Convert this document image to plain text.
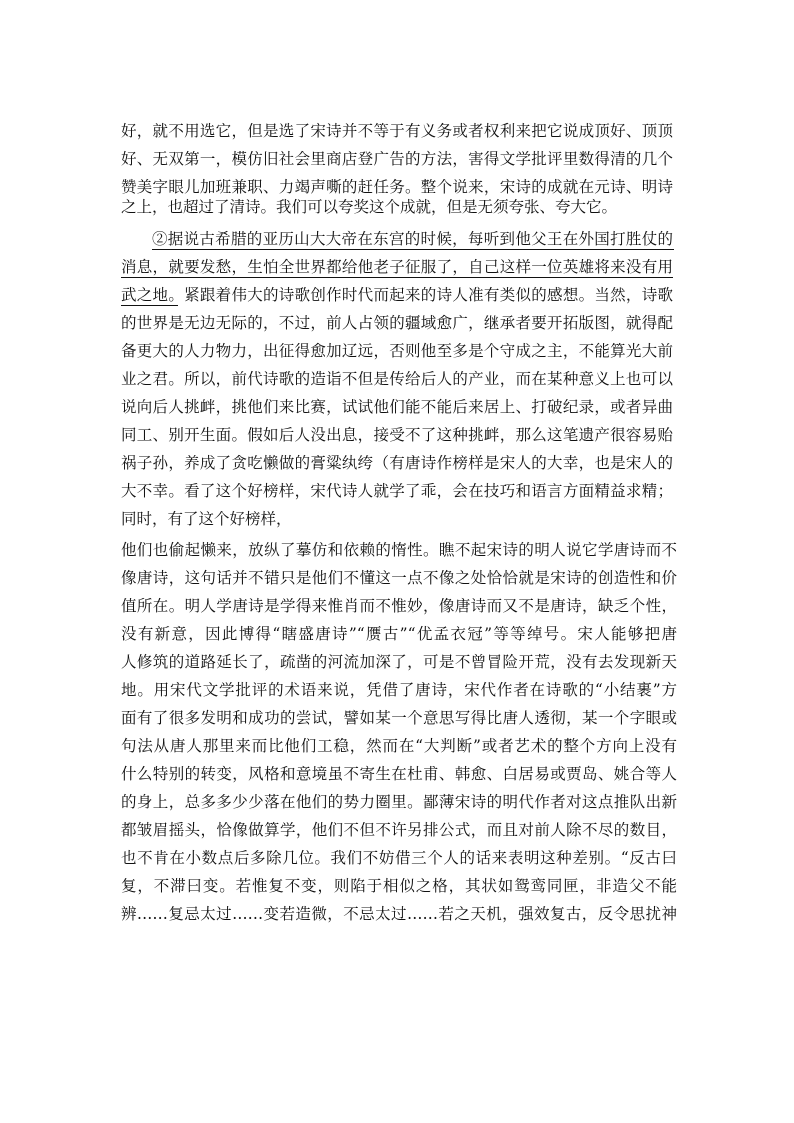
好，就不用选它，但是选了宋诗并不等于有义务或者权利来把它说成顶好、顶顶
好、无双第一，模仿旧社会里商店登广告的方法，害得文学批评里数得清的几个
赞美字眼儿加班兼职、力竭声嘶的赶任务。整个说来，宋诗的成就在元诗、明诗
之上，也超过了清诗。我们可以夸奖这个成就，但是无须夸张、夸大它。
②据说古希腊的亚历山大大帝在东宫的时候，每听到他父王在外国打胜仗的
消息，就要发愁，生怕全世界都给他老子征服了，自己这样一位英雄将来没有用
武之地。紧跟着伟大的诗歌创作时代而起来的诗人准有类似的感想。当然，诗歌
的世界是无边无际的，不过，前人占领的疆域愈广，继承者要开拓版图，就得配
备更大的人力物力，出征得愈加辽远，否则他至多是个守成之主，不能算光大前
业之君。所以，前代诗歌的造诣不但是传给后人的产业，而在某种意义上也可以
说向后人挑衅，挑他们来比赛，试试他们能不能后来居上、打破纪录，或者异曲
同工、别开生面。假如后人没出息，接受不了这种挑衅，那么这笔遗产很容易贻
祸子孙，养成了贪吃懒做的膏粱纨绔（有唐诗作榜样是宋人的大幸，也是宋人的
大不幸。看了这个好榜样，宋代诗人就学了乖，会在技巧和语言方面精益求精；
同时，有了这个好榜样，
他们也偷起懒来，放纵了摹仿和依赖的惰性。瞧不起宋诗的明人说它学唐诗而不
像唐诗，这句话并不错只是他们不懂这一点不像之处恰恰就是宋诗的创造性和价
值所在。明人学唐诗是学得来惟肖而不惟妙，像唐诗而又不是唐诗，缺乏个性，
没有新意，因此博得“瞎盛唐诗”“赝古”“优孟衣冠”等等绰号。宋人能够把唐
人修筑的道路延长了，疏凿的河流加深了，可是不曾冒险开荒，没有去发现新天
地。用宋代文学批评的术语来说，凭借了唐诗，宋代作者在诗歌的“小结裹”方
面有了很多发明和成功的尝试，譬如某一个意思写得比唐人透彻，某一个字眼或
句法从唐人那里来而比他们工稳，然而在“大判断”或者艺术的整个方向上没有
什么特别的转变，风格和意境虽不寄生在杜甫、韩愈、白居易或贾岛、姚合等人
的身上，总多多少少落在他们的势力圈里。鄙薄宋诗的明代作者对这点推队出新
都皱眉摇头，恰像做算学，他们不但不许另排公式，而且对前人除不尽的数目，
也不肯在小数点后多除几位。我们不妨借三个人的话来表明这种差别。“反古曰
复，不滞曰变。若惟复不变，则陷于相似之格，其状如鸳鸾同匣，非造父不能
辨……复忌太过……变若造微，不忌太过……若之天机，强效复古，反令思扰神
